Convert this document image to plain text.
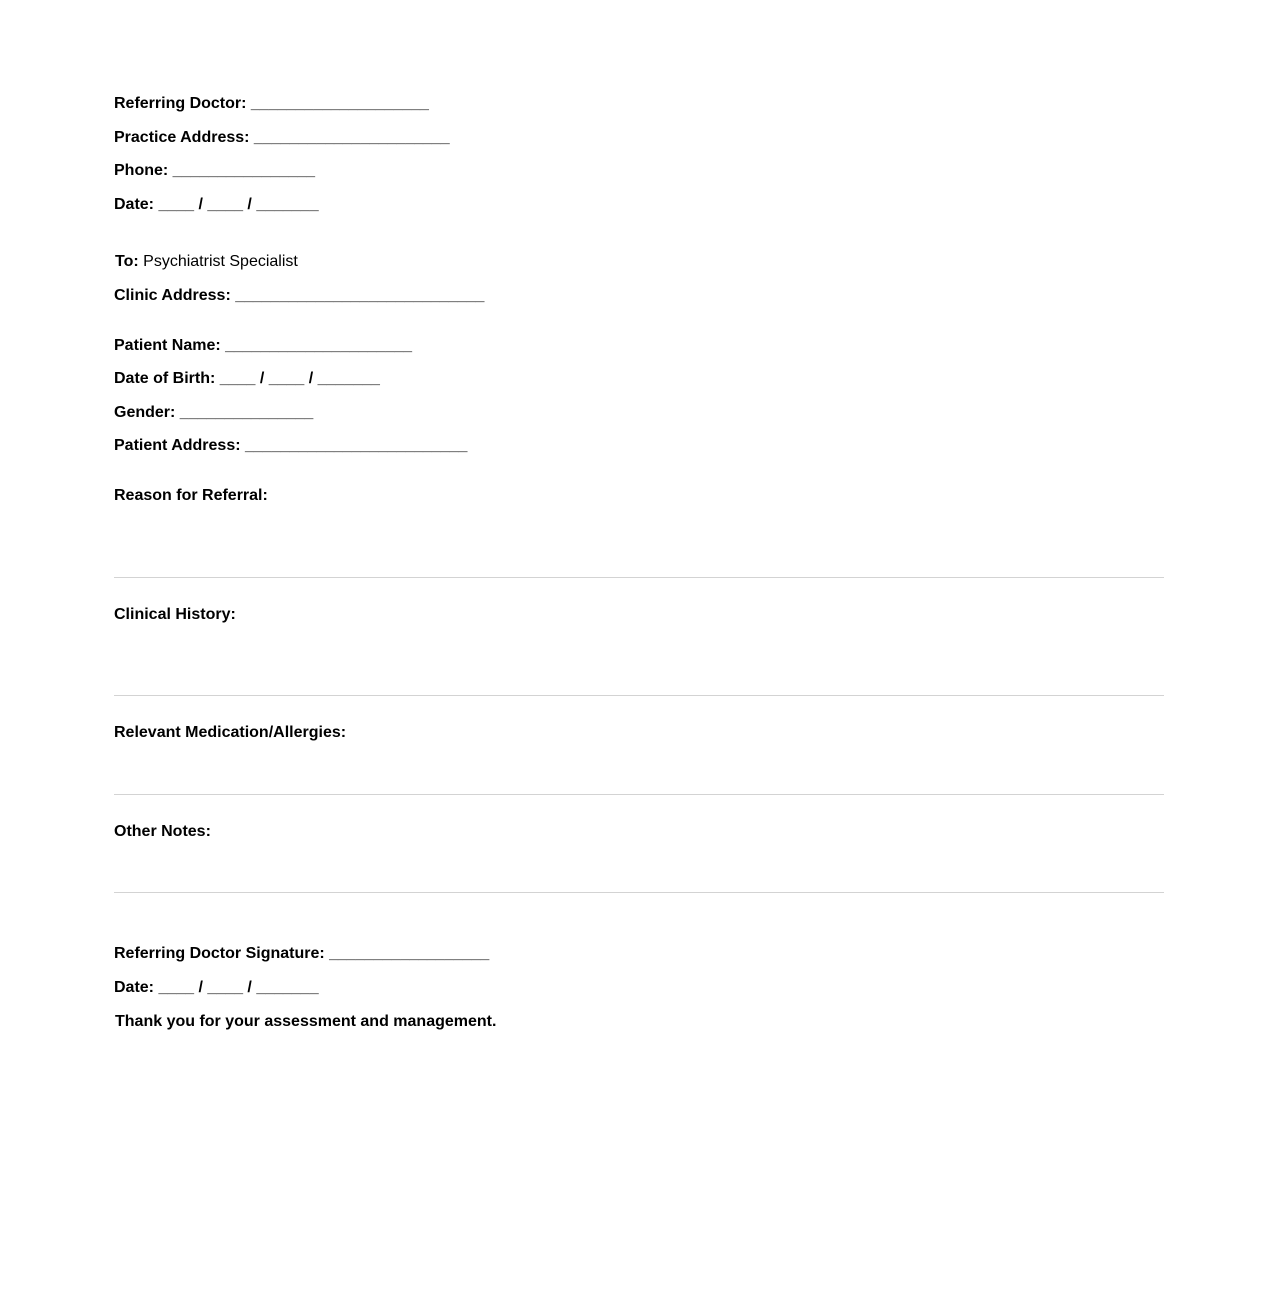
Referring Doctor: ____________________
Practice Address: ______________________
Phone: ________________
Date: ____ / ____ / _______
To: Psychiatrist Specialist
Clinic Address: ____________________________
Patient Name: _____________________
Date of Birth: ____ / ____ / _______
Gender: _______________
Patient Address: _________________________
Reason for Referral:
Clinical History:
Relevant Medication/Allergies:
Other Notes:
Referring Doctor Signature: __________________
Date: ____ / ____ / _______
Thank you for your assessment and management.
